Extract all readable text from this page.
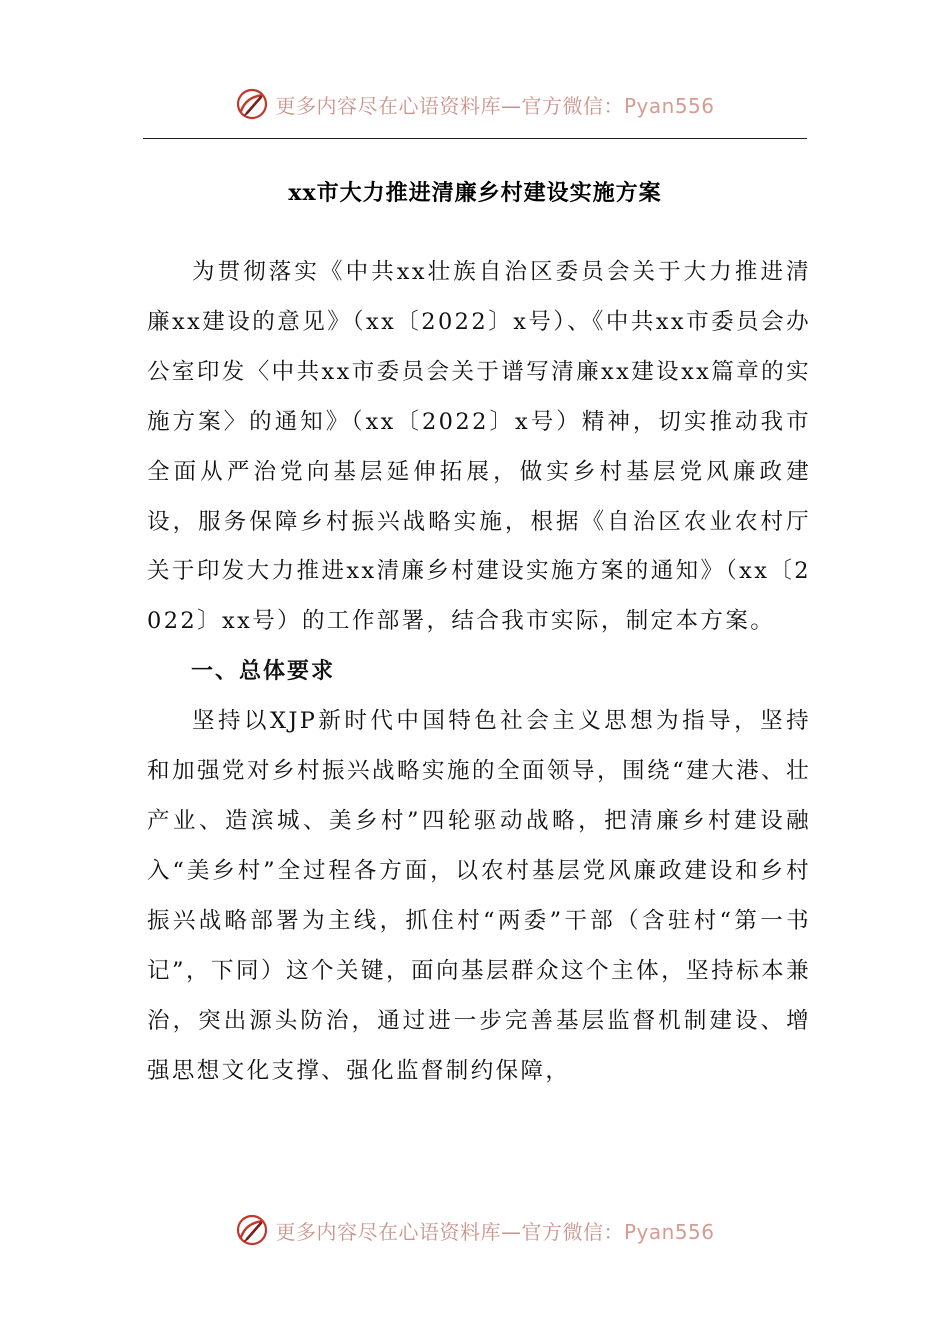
更多内容尽在心语资料库—官方微信：Pyan556
xx市大力推进清廉乡村建设实施方案

为贯彻落实《中共xx壮族自治区委员会关于大力推进清廉xx建设的意见》（xx〔2022〕x号）、《中共xx市委员会办公室印发〈中共xx市委员会关于谱写清廉xx建设xx篇章的实施方案〉的通知》（xx〔2022〕x号）精神，切实推动我市全面从严治党向基层延伸拓展，做实乡村基层党风廉政建设，服务保障乡村振兴战略实施，根据《自治区农业农村厅关于印发大力推进xx清廉乡村建设实施方案的通知》（xx〔2022〕xx号）的工作部署，结合我市实际，制定本方案。

一、总体要求

坚持以XJP新时代中国特色社会主义思想为指导，坚持和加强党对乡村振兴战略实施的全面领导，围绕“建大港、壮产业、造滨城、美乡村”四轮驱动战略，把清廉乡村建设融入“美乡村”全过程各方面，以农村基层党风廉政建设和乡村振兴战略部署为主线，抓住村“两委”干部（含驻村“第一书记”，下同）这个关键，面向基层群众这个主体，坚持标本兼治，突出源头防治，通过进一步完善基层监督机制建设、增强思想文化支撑、强化监督制约保障，

更多内容尽在心语资料库—官方微信：Pyan556
